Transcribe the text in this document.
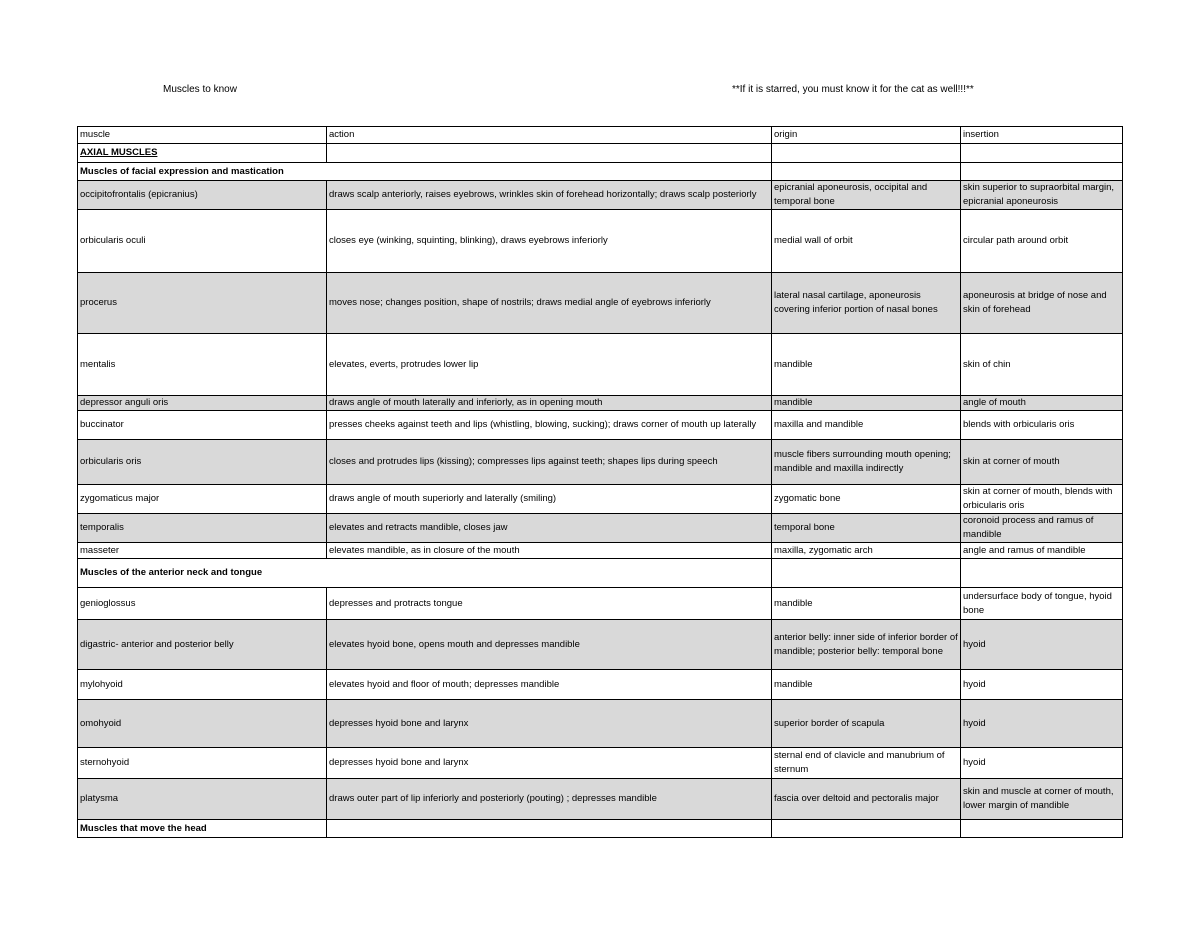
Muscles to know	**If it is starred, you must know it for the cat as well!!!**
muscle	action	origin	insertion
AXIAL MUSCLES			
Muscles of facial expression and mastication			
occipitofrontalis (epicranius)	draws scalp anteriorly, raises eyebrows, wrinkles skin of forehead horizontally; draws scalp posteriorly	epicranial aponeurosis, occipital and temporal bone	skin superior to supraorbital margin, epicranial aponeurosis
orbicularis oculi	closes eye (winking, squinting, blinking), draws eyebrows inferiorly	medial wall of orbit	circular path around orbit
procerus	moves nose; changes position, shape of nostrils; draws medial angle of eyebrows inferiorly	lateral nasal cartilage, aponeurosis covering inferior portion of nasal bones	aponeurosis at bridge of nose and skin of forehead
mentalis	elevates, everts, protrudes lower lip	mandible	skin of chin
depressor anguli oris	draws angle of mouth laterally and inferiorly, as in opening mouth	mandible	angle of mouth
buccinator	presses cheeks against teeth and lips (whistling, blowing, sucking); draws corner of mouth up laterally	maxilla and mandible	blends with orbicularis oris
orbicularis oris	closes and protrudes lips (kissing); compresses lips against teeth; shapes lips during speech	muscle fibers surrounding mouth opening; mandible and maxilla indirectly	skin at corner of mouth
zygomaticus major	draws angle of mouth superiorly and laterally (smiling)	zygomatic bone	skin at corner of mouth, blends with orbicularis oris
temporalis	elevates and retracts mandible, closes jaw	temporal bone	coronoid process and ramus of mandible
masseter	elevates mandible, as in closure of the mouth	maxilla, zygomatic arch	angle and ramus of mandible
Muscles of the anterior neck and tongue			
genioglossus	depresses and protracts tongue	mandible	undersurface body of tongue, hyoid bone
digastric- anterior and posterior belly	elevates hyoid bone, opens mouth and depresses mandible	anterior belly: inner side of inferior border of mandible; posterior belly: temporal bone	hyoid
mylohyoid	elevates hyoid and floor of mouth; depresses mandible	mandible	hyoid
omohyoid	depresses hyoid bone and larynx	superior border of scapula	hyoid
sternohyoid	depresses hyoid bone and larynx	sternal end of clavicle and manubrium of sternum	hyoid
platysma	draws outer part of lip inferiorly and posteriorly (pouting) ; depresses mandible	fascia over deltoid and pectoralis major	skin and muscle at corner of mouth, lower margin of mandible
Muscles that move the head			
